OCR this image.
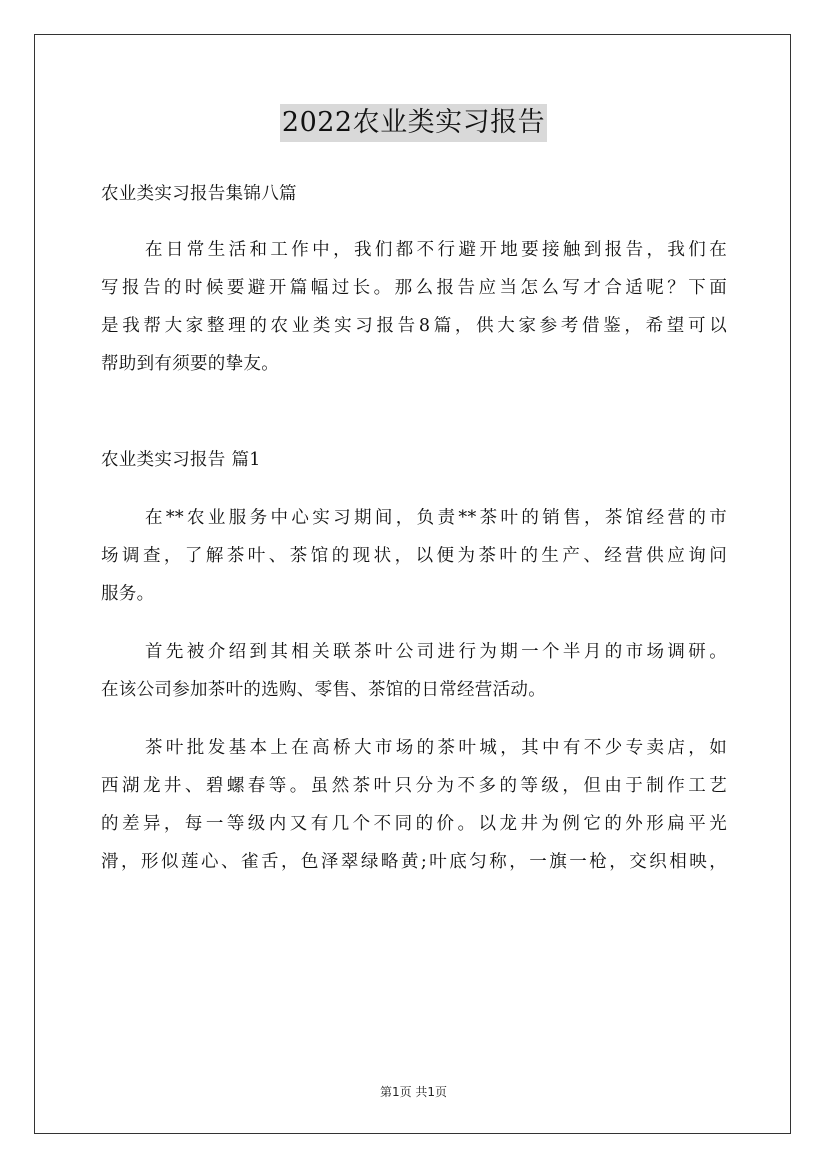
2022农业类实习报告
农业类实习报告集锦八篇
在日常生活和工作中，我们都不行避开地要接触到报告，我们在
写报告的时候要避开篇幅过长。那么报告应当怎么写才合适呢？下面
是我帮大家整理的农业类实习报告8篇，供大家参考借鉴，希望可以
帮助到有须要的挚友。
农业类实习报告 篇1
在**农业服务中心实习期间，负责**茶叶的销售，茶馆经营的市
场调查，了解茶叶、茶馆的现状，以便为茶叶的生产、经营供应询问
服务。
首先被介绍到其相关联茶叶公司进行为期一个半月的市场调研。
在该公司参加茶叶的选购、零售、茶馆的日常经营活动。
茶叶批发基本上在高桥大市场的茶叶城，其中有不少专卖店，如
西湖龙井、碧螺春等。虽然茶叶只分为不多的等级，但由于制作工艺
的差异，每一等级内又有几个不同的价。以龙井为例它的外形扁平光
滑，形似莲心、雀舌，色泽翠绿略黄;叶底匀称，一旗一枪，交织相映，
第1页 共1页
